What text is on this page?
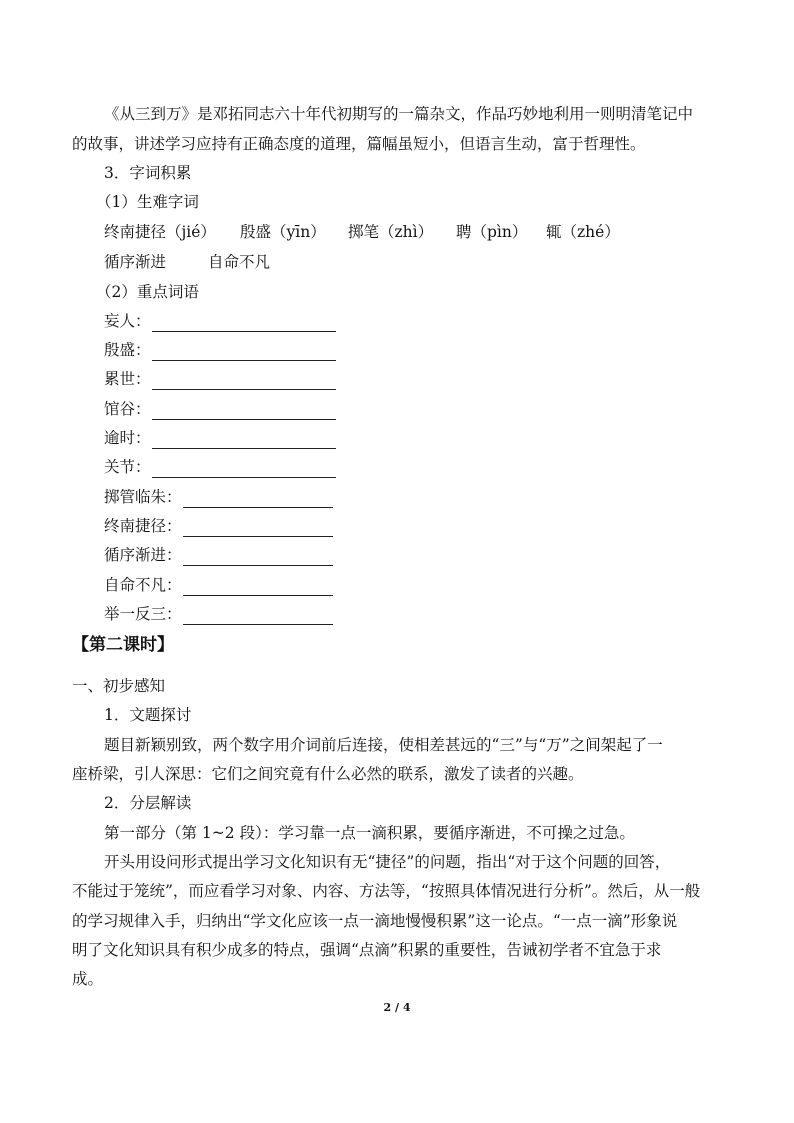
《从三到万》是邓拓同志六十年代初期写的一篇杂文，作品巧妙地利用一则明清笔记中
的故事，讲述学习应持有正确态度的道理，篇幅虽短小，但语言生动，富于哲理性。
3．字词积累
（1）生难字词
终南捷径（jié） 殷盛（yīn） 掷笔（zhì） 聘（pìn） 辄（zhé）
循序渐进	自命不凡
（2）重点词语
妄人：
殷盛：
累世：
馆谷：
逾时：
关节：
掷管临朱：
终南捷径：
循序渐进：
自命不凡：
举一反三：
【第二课时】
一、初步感知
1．文题探讨
题目新颖别致，两个数字用介词前后连接，使相差甚远的“三”与“万”之间架起了一
座桥梁，引人深思：它们之间究竟有什么必然的联系，激发了读者的兴趣。
2．分层解读
第一部分（第 1~2 段）：学习靠一点一滴积累，要循序渐进，不可操之过急。
开头用设问形式提出学习文化知识有无“捷径”的问题，指出“对于这个问题的回答，
不能过于笼统”，而应看学习对象、内容、方法等，“按照具体情况进行分析”。然后，从一般
的学习规律入手，归纳出“学文化应该一点一滴地慢慢积累”这一论点。“一点一滴”形象说
明了文化知识具有积少成多的特点，强调“点滴”积累的重要性，告诫初学者不宜急于求
成。
2 / 4
